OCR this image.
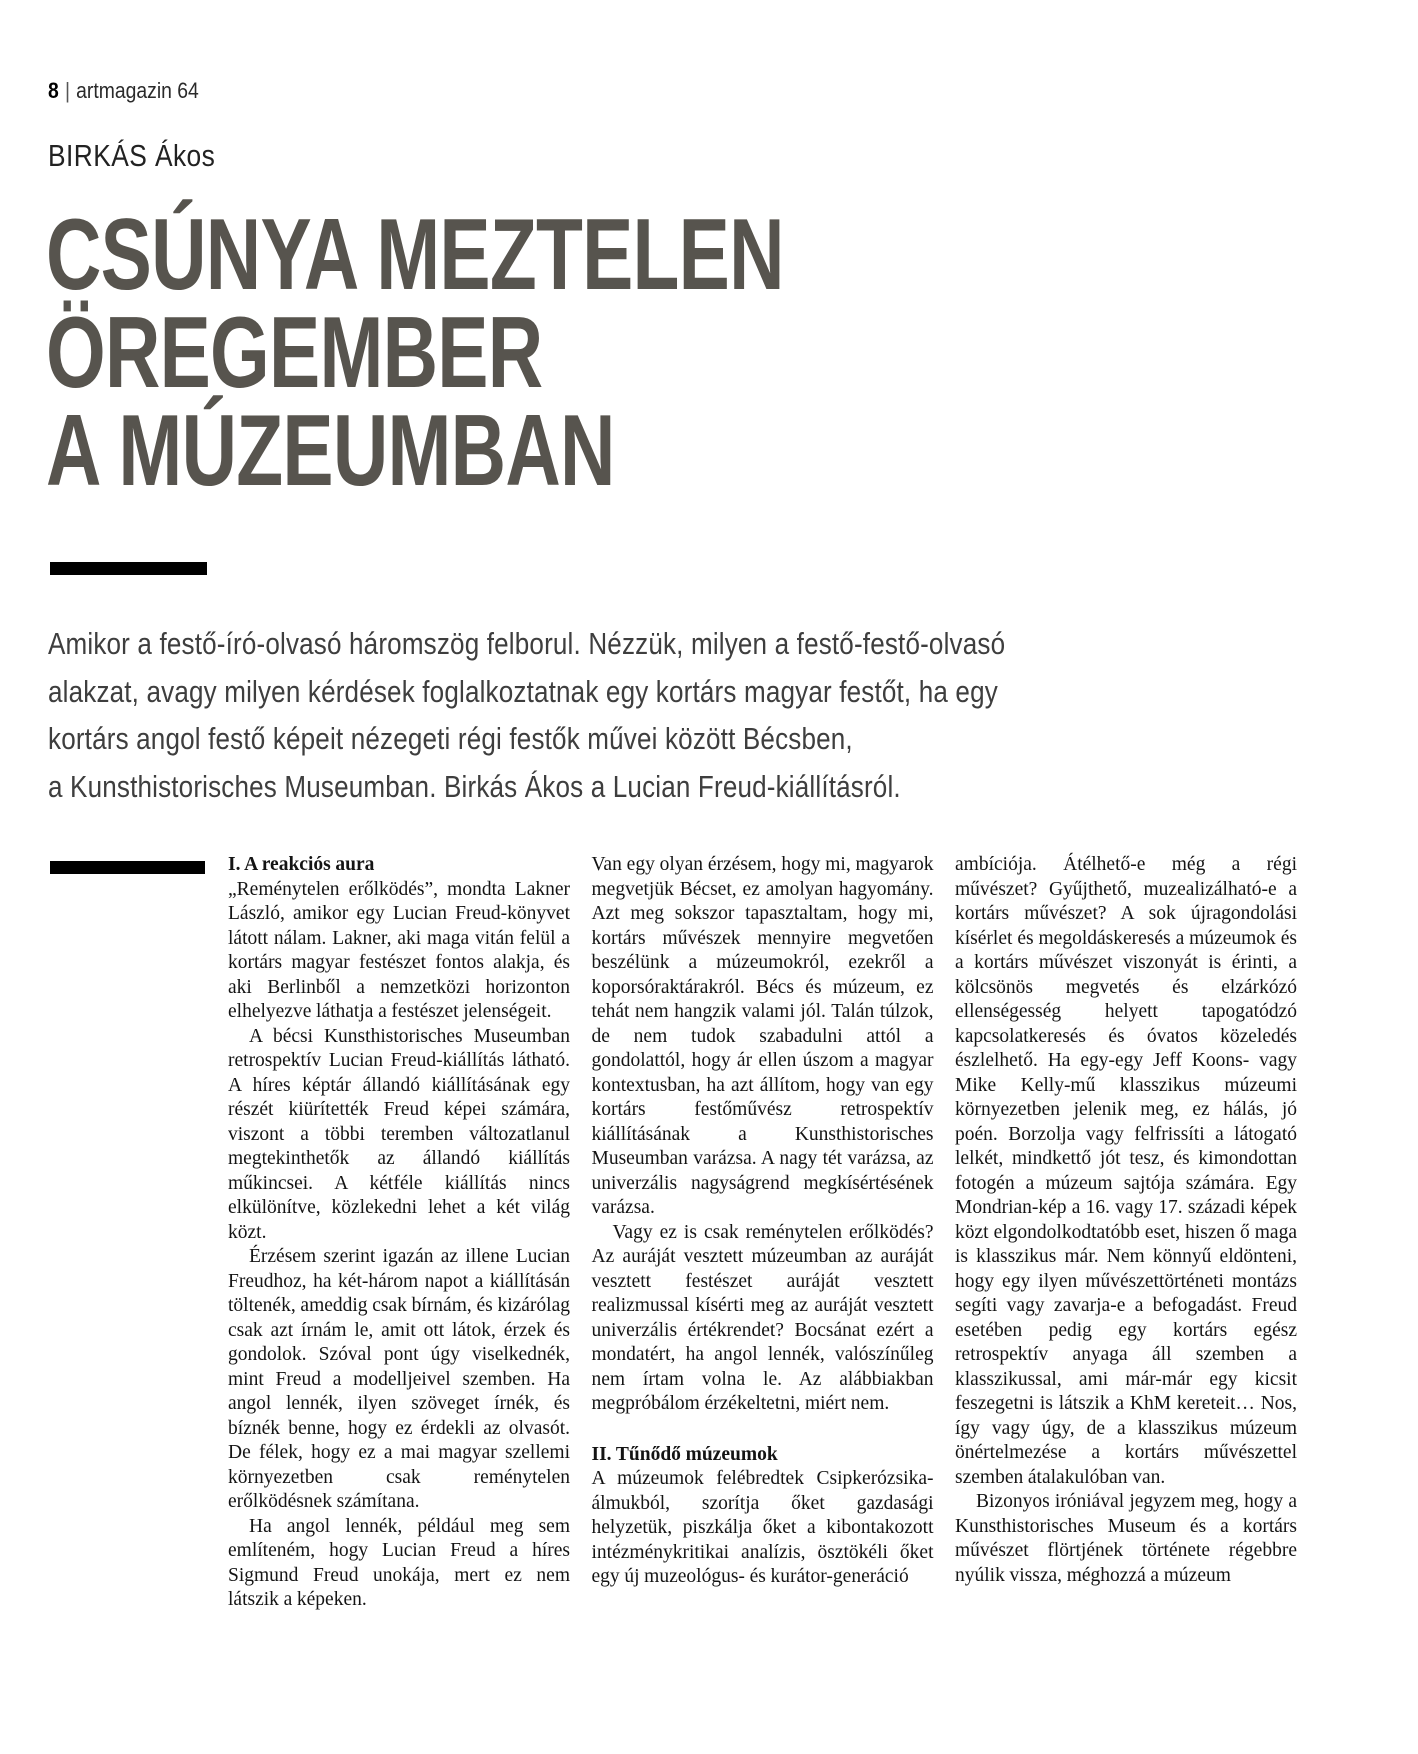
8 | artmagazin 64
BIRKÁS Ákos
CSÚNYA MEZTELEN
ÖREGEMBER
A MÚZEUMBAN
Amikor a festő-író-olvasó háromszög felborul. Nézzük, milyen a festő-festő-olvasó
alakzat, avagy milyen kérdések foglalkoztatnak egy kortárs magyar festőt, ha egy
kortárs angol festő képeit nézegeti régi festők művei között Bécsben,
a Kunsthistorisches Museumban. Birkás Ákos a Lucian Freud-kiállításról.
I. A reakciós aura

„Reménytelen erőlködés”, mondta Lakner László, amikor egy Lucian Freud-könyvet látott nálam. Lakner, aki maga vitán felül a kortárs magyar festészet fontos alakja, és aki Berlinből a nemzetközi horizonton elhelyezve láthatja a festészet jelenségeit.

A bécsi Kunsthistorisches Museumban retrospektív Lucian Freud-kiállítás látható. A híres képtár állandó kiállításának egy részét kiürítették Freud képei számára, viszont a többi teremben változatlanul megtekinthetők az állandó kiállítás műkincsei. A kétféle kiállítás nincs elkülönítve, közlekedni lehet a két világ közt.

Érzésem szerint igazán az illene Lucian Freudhoz, ha két-három napot a kiállításán töltenék, ameddig csak bírnám, és kizárólag csak azt írnám le, amit ott látok, érzek és gondolok. Szóval pont úgy viselkednék, mint Freud a modelljeivel szemben. Ha angol lennék, ilyen szöveget írnék, és bíznék benne, hogy ez érdekli az olvasót. De félek, hogy ez a mai magyar szellemi környezetben csak reménytelen erőlködésnek számítana.

Ha angol lennék, például meg sem említeném, hogy Lucian Freud a híres Sigmund Freud unokája, mert ez nem látszik a képeken.

Van egy olyan érzésem, hogy mi, magyarok megvetjük Bécset, ez amolyan hagyomány. Azt meg sokszor tapasztaltam, hogy mi, kortárs művészek mennyire megvetően beszélünk a múzeumokról, ezekről a koporsóraktárakról. Bécs és múzeum, ez tehát nem hangzik valami jól. Talán túlzok, de nem tudok szabadulni attól a gondolattól, hogy ár ellen úszom a magyar kontextusban, ha azt állítom, hogy van egy kortárs festőművész retrospektív kiállításának a Kunsthistorisches Museumban varázsa. A nagy tét varázsa, az univerzális nagyságrend megkísértésének varázsa.

Vagy ez is csak reménytelen erőlködés? Az auráját vesztett múzeumban az auráját vesztett festészet auráját vesztett realizmussal kísérti meg az auráját vesztett univerzális értékrendet? Bocsánat ezért a mondatért, ha angol lennék, valószínűleg nem írtam volna le. Az alábbiakban megpróbálom érzékeltetni, miért nem.

II. Tűnődő múzeumok

A múzeumok felébredtek Csipkerózsika-álmukból, szorítja őket gazdasági helyzetük, piszkálja őket a kibontakozott intézménykritikai analízis, ösztökéli őket egy új muzeológus- és kurátor-generáció

ambíciója. Átélhető-e még a régi művészet? Gyűjthető, muzealizálható-e a kortárs művészet? A sok újragondolási kísérlet és megoldáskeresés a múzeumok és a kortárs művészet viszonyát is érinti, a kölcsönös megvetés és elzárkózó ellenségesség helyett tapogatódzó kapcsolatkeresés és óvatos közeledés észlelhető. Ha egy-egy Jeff Koons- vagy Mike Kelly-mű klasszikus múzeumi környezetben jelenik meg, ez hálás, jó poén. Borzolja vagy felfrissíti a látogató lelkét, mindkettő jót tesz, és kimondottan fotogén a múzeum sajtója számára. Egy Mondrian-kép a 16. vagy 17. századi képek közt elgondolkodtatóbb eset, hiszen ő maga is klasszikus már. Nem könnyű eldönteni, hogy egy ilyen művészettörténeti montázs segíti vagy zavarja-e a befogadást. Freud esetében pedig egy kortárs egész retrospektív anyaga áll szemben a klasszikussal, ami már-már egy kicsit feszegetni is látszik a KhM kereteit… Nos, így vagy úgy, de a klasszikus múzeum önértelmezése a kortárs művészettel szemben átalakulóban van.

Bizonyos iróniával jegyzem meg, hogy a Kunsthistorisches Museum és a kortárs művészet flörtjének története régebbre nyúlik vissza, méghozzá a múzeum
